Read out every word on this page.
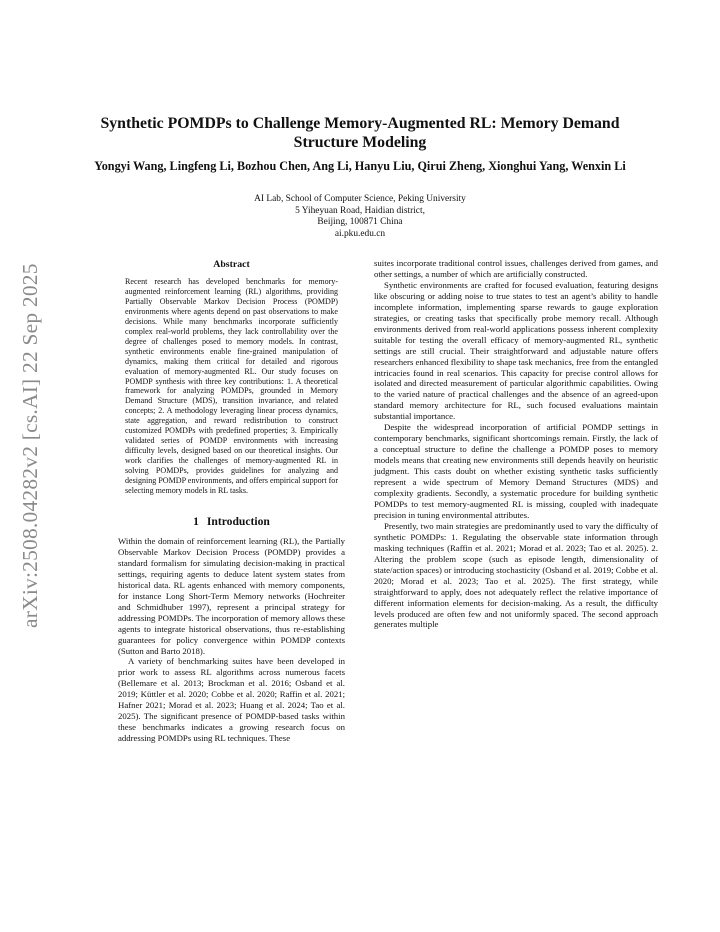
arXiv:2508.04282v2 [cs.AI] 22 Sep 2025
Synthetic POMDPs to Challenge Memory-Augmented RL: Memory Demand Structure Modeling
Yongyi Wang, Lingfeng Li, Bozhou Chen, Ang Li, Hanyu Liu, Qirui Zheng, Xionghui Yang, Wenxin Li
AI Lab, School of Computer Science, Peking University
5 Yiheyuan Road, Haidian district,
Beijing, 100871 China
ai.pku.edu.cn
Abstract

Recent research has developed benchmarks for memory-augmented reinforcement learning (RL) algorithms, providing Partially Observable Markov Decision Process (POMDP) environments where agents depend on past observations to make decisions. While many benchmarks incorporate sufficiently complex real-world problems, they lack controllability over the degree of challenges posed to memory models. In contrast, synthetic environments enable fine-grained manipulation of dynamics, making them critical for detailed and rigorous evaluation of memory-augmented RL. Our study focuses on POMDP synthesis with three key contributions: 1. A theoretical framework for analyzing POMDPs, grounded in Memory Demand Structure (MDS), transition invariance, and related concepts; 2. A methodology leveraging linear process dynamics, state aggregation, and reward redistribution to construct customized POMDPs with predefined properties; 3. Empirically validated series of POMDP environments with increasing difficulty levels, designed based on our theoretical insights. Our work clarifies the challenges of memory-augmented RL in solving POMDPs, provides guidelines for analyzing and designing POMDP environments, and offers empirical support for selecting memory models in RL tasks.

1 Introduction

Within the domain of reinforcement learning (RL), the Partially Observable Markov Decision Process (POMDP) provides a standard formalism for simulating decision-making in practical settings, requiring agents to deduce latent system states from historical data. RL agents enhanced with memory components, for instance Long Short-Term Memory networks (Hochreiter and Schmidhuber 1997), represent a principal strategy for addressing POMDPs. The incorporation of memory allows these agents to integrate historical observations, thus re-establishing guarantees for policy convergence within POMDP contexts (Sutton and Barto 2018).

A variety of benchmarking suites have been developed in prior work to assess RL algorithms across numerous facets (Bellemare et al. 2013; Brockman et al. 2016; Osband et al. 2019; Küttler et al. 2020; Cobbe et al. 2020; Raffin et al. 2021; Hafner 2021; Morad et al. 2023; Huang et al. 2024; Tao et al. 2025). The significant presence of POMDP-based tasks within these benchmarks indicates a growing research focus on addressing POMDPs using RL techniques. These

suites incorporate traditional control issues, challenges derived from games, and other settings, a number of which are artificially constructed.

Synthetic environments are crafted for focused evaluation, featuring designs like obscuring or adding noise to true states to test an agent’s ability to handle incomplete information, implementing sparse rewards to gauge exploration strategies, or creating tasks that specifically probe memory recall. Although environments derived from real-world applications possess inherent complexity suitable for testing the overall efficacy of memory-augmented RL, synthetic settings are still crucial. Their straightforward and adjustable nature offers researchers enhanced flexibility to shape task mechanics, free from the entangled intricacies found in real scenarios. This capacity for precise control allows for isolated and directed measurement of particular algorithmic capabilities. Owing to the varied nature of practical challenges and the absence of an agreed-upon standard memory architecture for RL, such focused evaluations maintain substantial importance.

Despite the widespread incorporation of artificial POMDP settings in contemporary benchmarks, significant shortcomings remain. Firstly, the lack of a conceptual structure to define the challenge a POMDP poses to memory models means that creating new environments still depends heavily on heuristic judgment. This casts doubt on whether existing synthetic tasks sufficiently represent a wide spectrum of Memory Demand Structures (MDS) and complexity gradients. Secondly, a systematic procedure for building synthetic POMDPs to test memory-augmented RL is missing, coupled with inadequate precision in tuning environmental attributes.

Presently, two main strategies are predominantly used to vary the difficulty of synthetic POMDPs: 1. Regulating the observable state information through masking techniques (Raffin et al. 2021; Morad et al. 2023; Tao et al. 2025). 2. Altering the problem scope (such as episode length, dimensionality of state/action spaces) or introducing stochasticity (Osband et al. 2019; Cobbe et al. 2020; Morad et al. 2023; Tao et al. 2025). The first strategy, while straightforward to apply, does not adequately reflect the relative importance of different information elements for decision-making. As a result, the difficulty levels produced are often few and not uniformly spaced. The second approach generates multiple
